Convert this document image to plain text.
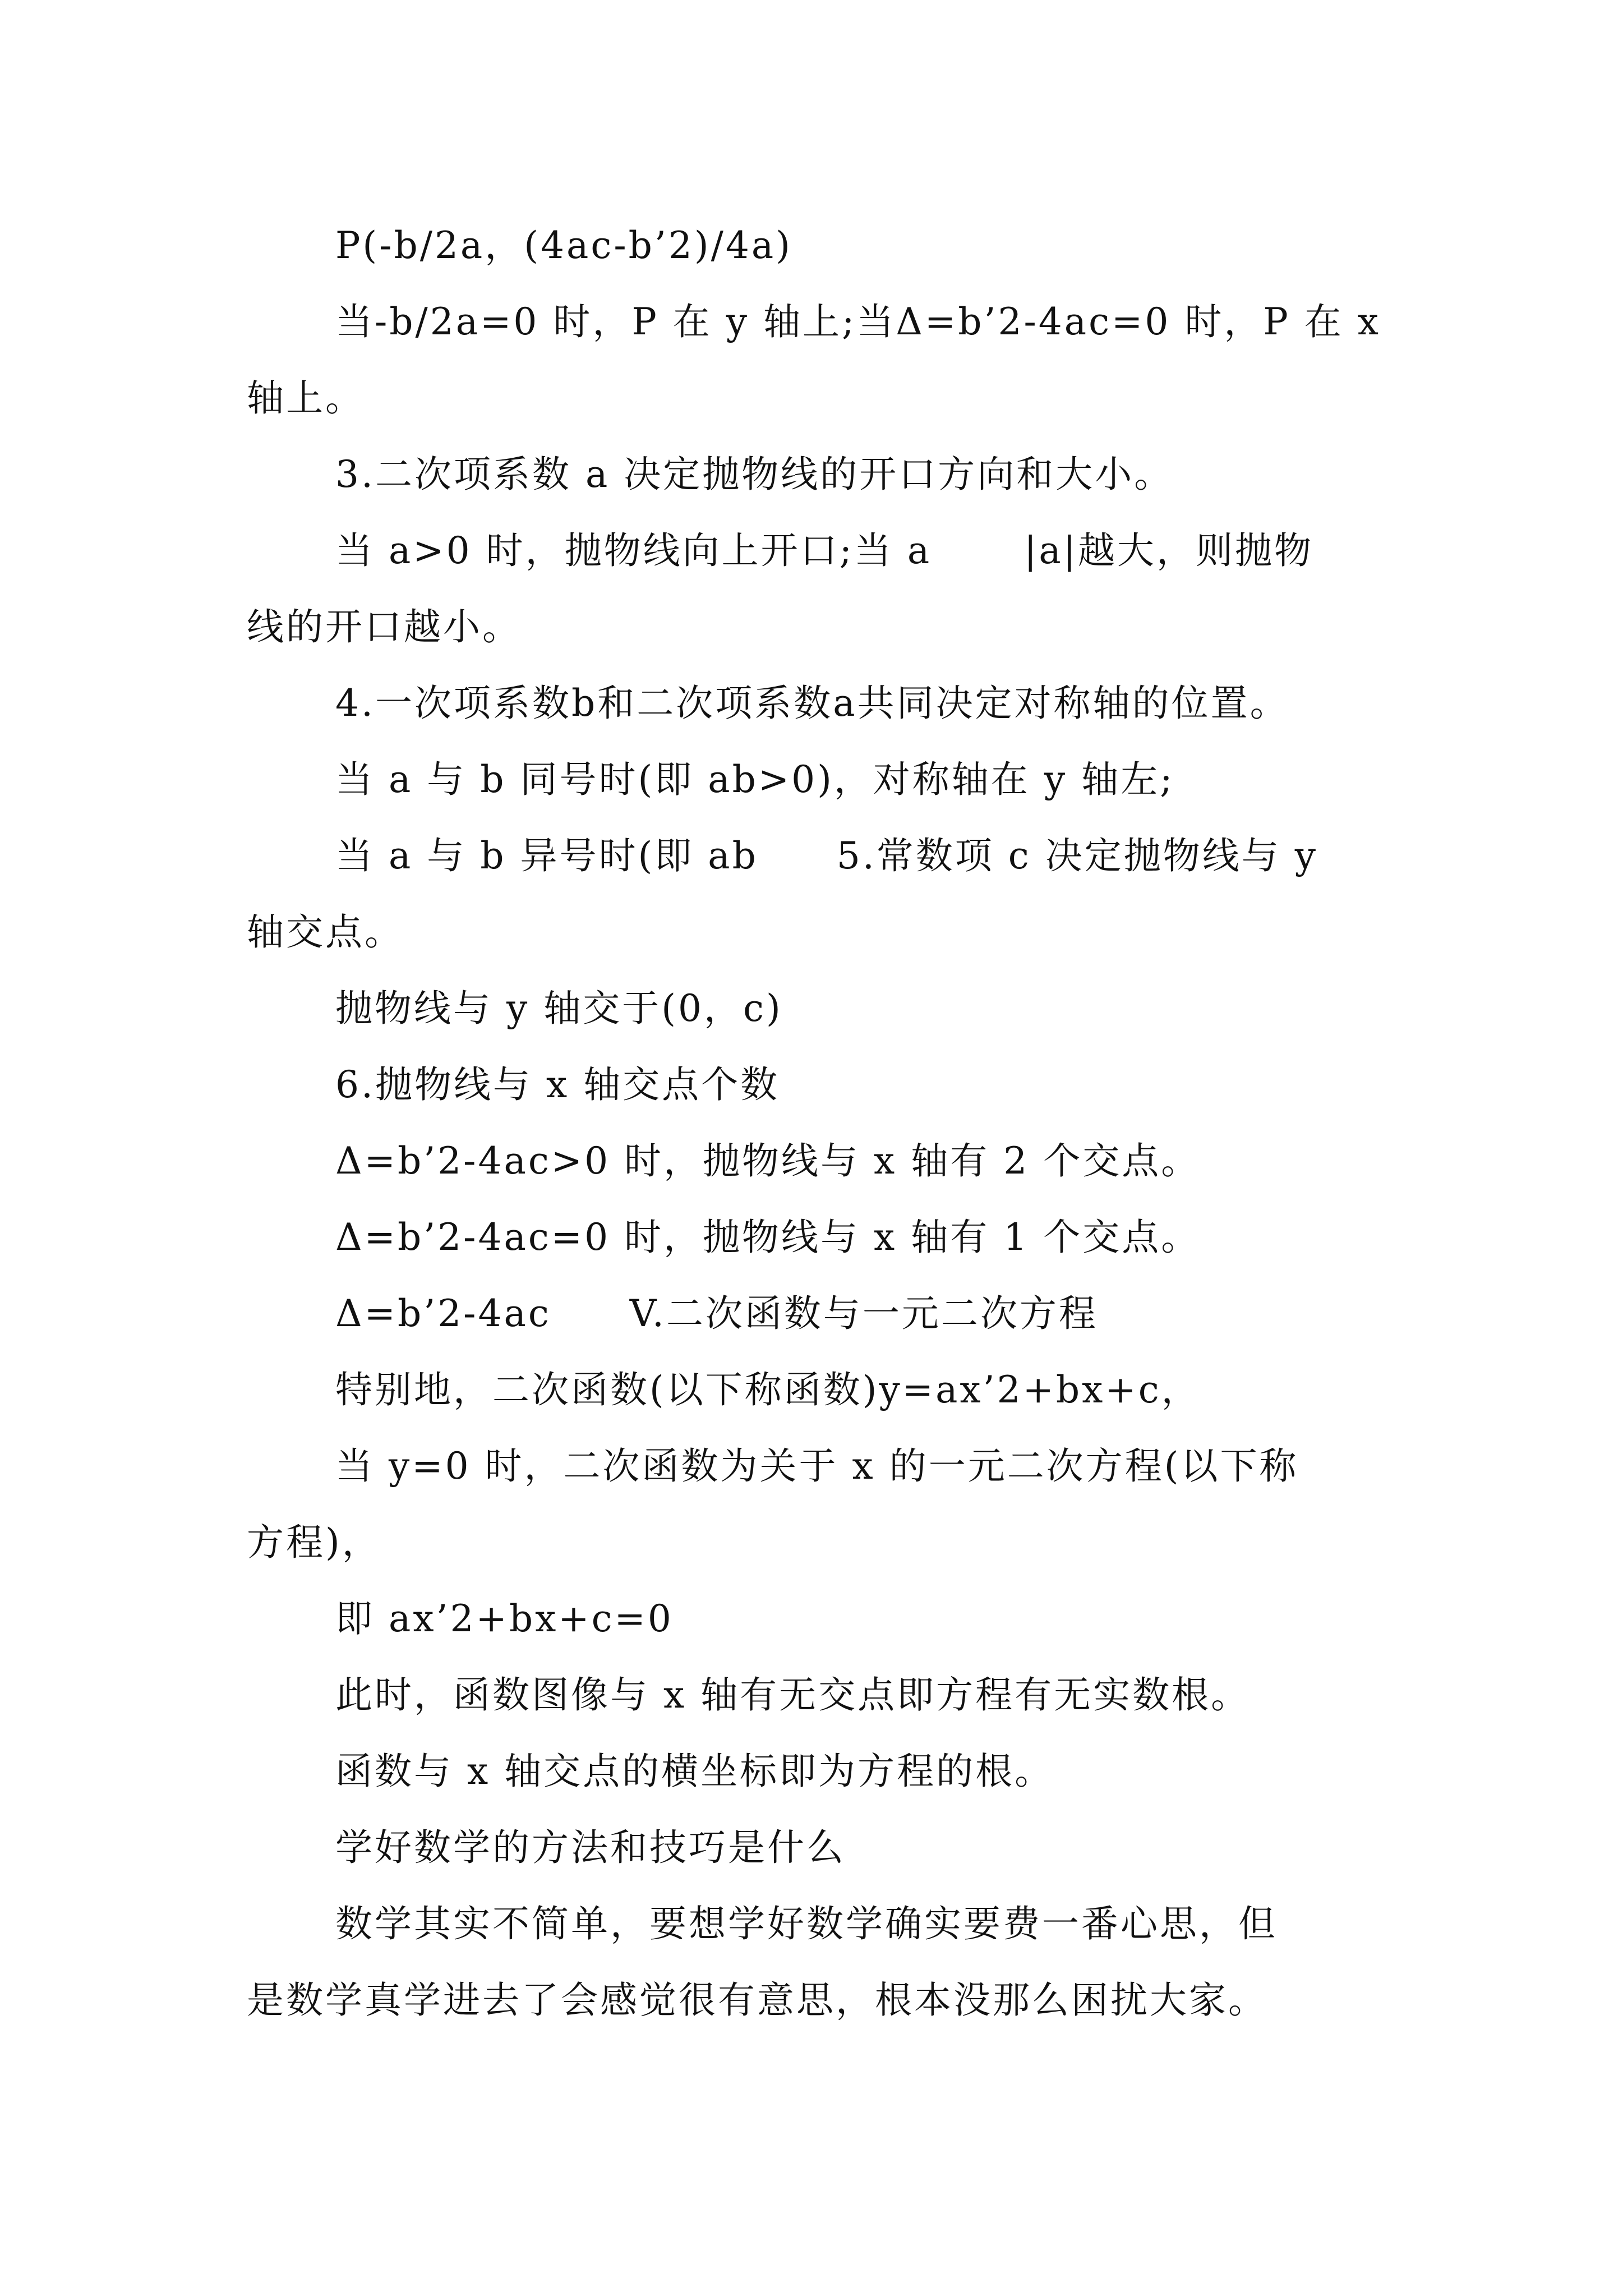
P(-b/2a，(4ac-b’2)/4a)
当-b/2a=0 时，P 在 y 轴上;当Δ=b’2-4ac=0 时，P 在 x
轴上。
3.二次项系数 a 决定抛物线的开口方向和大小。
当 a>0 时，抛物线向上开口;当 a　　 |a|越大，则抛物
线的开口越小。
4.一次项系数b和二次项系数a共同决定对称轴的位置。
当 a 与 b 同号时(即 ab>0)，对称轴在 y 轴左;
当 a 与 b 异号时(即 ab　　5.常数项 c 决定抛物线与 y
轴交点。
抛物线与 y 轴交于(0，c)
6.抛物线与 x 轴交点个数
Δ=b’2-4ac>0 时，抛物线与 x 轴有 2 个交点。
Δ=b’2-4ac=0 时，抛物线与 x 轴有 1 个交点。
Δ=b’2-4ac　　V.二次函数与一元二次方程
特别地，二次函数(以下称函数)y=ax’2+bx+c，
当 y=0 时，二次函数为关于 x 的一元二次方程(以下称
方程)，
即 ax’2+bx+c=0
此时，函数图像与 x 轴有无交点即方程有无实数根。
函数与 x 轴交点的横坐标即为方程的根。
学好数学的方法和技巧是什么
数学其实不简单，要想学好数学确实要费一番心思，但
是数学真学进去了会感觉很有意思，根本没那么困扰大家。
